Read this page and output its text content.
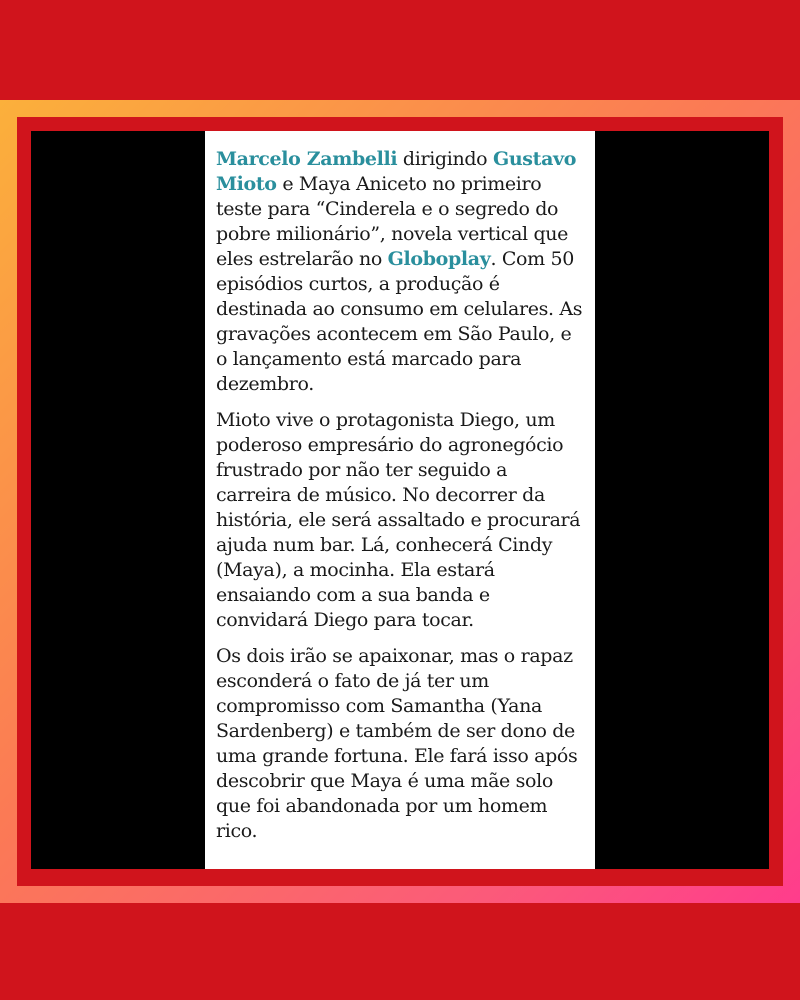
Marcelo Zambelli dirigindo Gustavo Mioto e Maya Aniceto no primeiro teste para “Cinderela e o segredo do pobre milionário”, novela vertical que eles estrelarão no Globoplay. Com 50 episódios curtos, a produção é destinada ao consumo em celulares. As gravações acontecem em São Paulo, e o lançamento está marcado para dezembro.

Mioto vive o protagonista Diego, um poderoso empresário do agronegócio frustrado por não ter seguido a carreira de músico. No decorrer da história, ele será assaltado e procurará ajuda num bar. Lá, conhecerá Cindy (Maya), a mocinha. Ela estará ensaiando com a sua banda e convidará Diego para tocar.

Os dois irão se apaixonar, mas o rapaz esconderá o fato de já ter um compromisso com Samantha (Yana Sardenberg) e também de ser dono de uma grande fortuna. Ele fará isso após descobrir que Maya é uma mãe solo que foi abandonada por um homem rico.
